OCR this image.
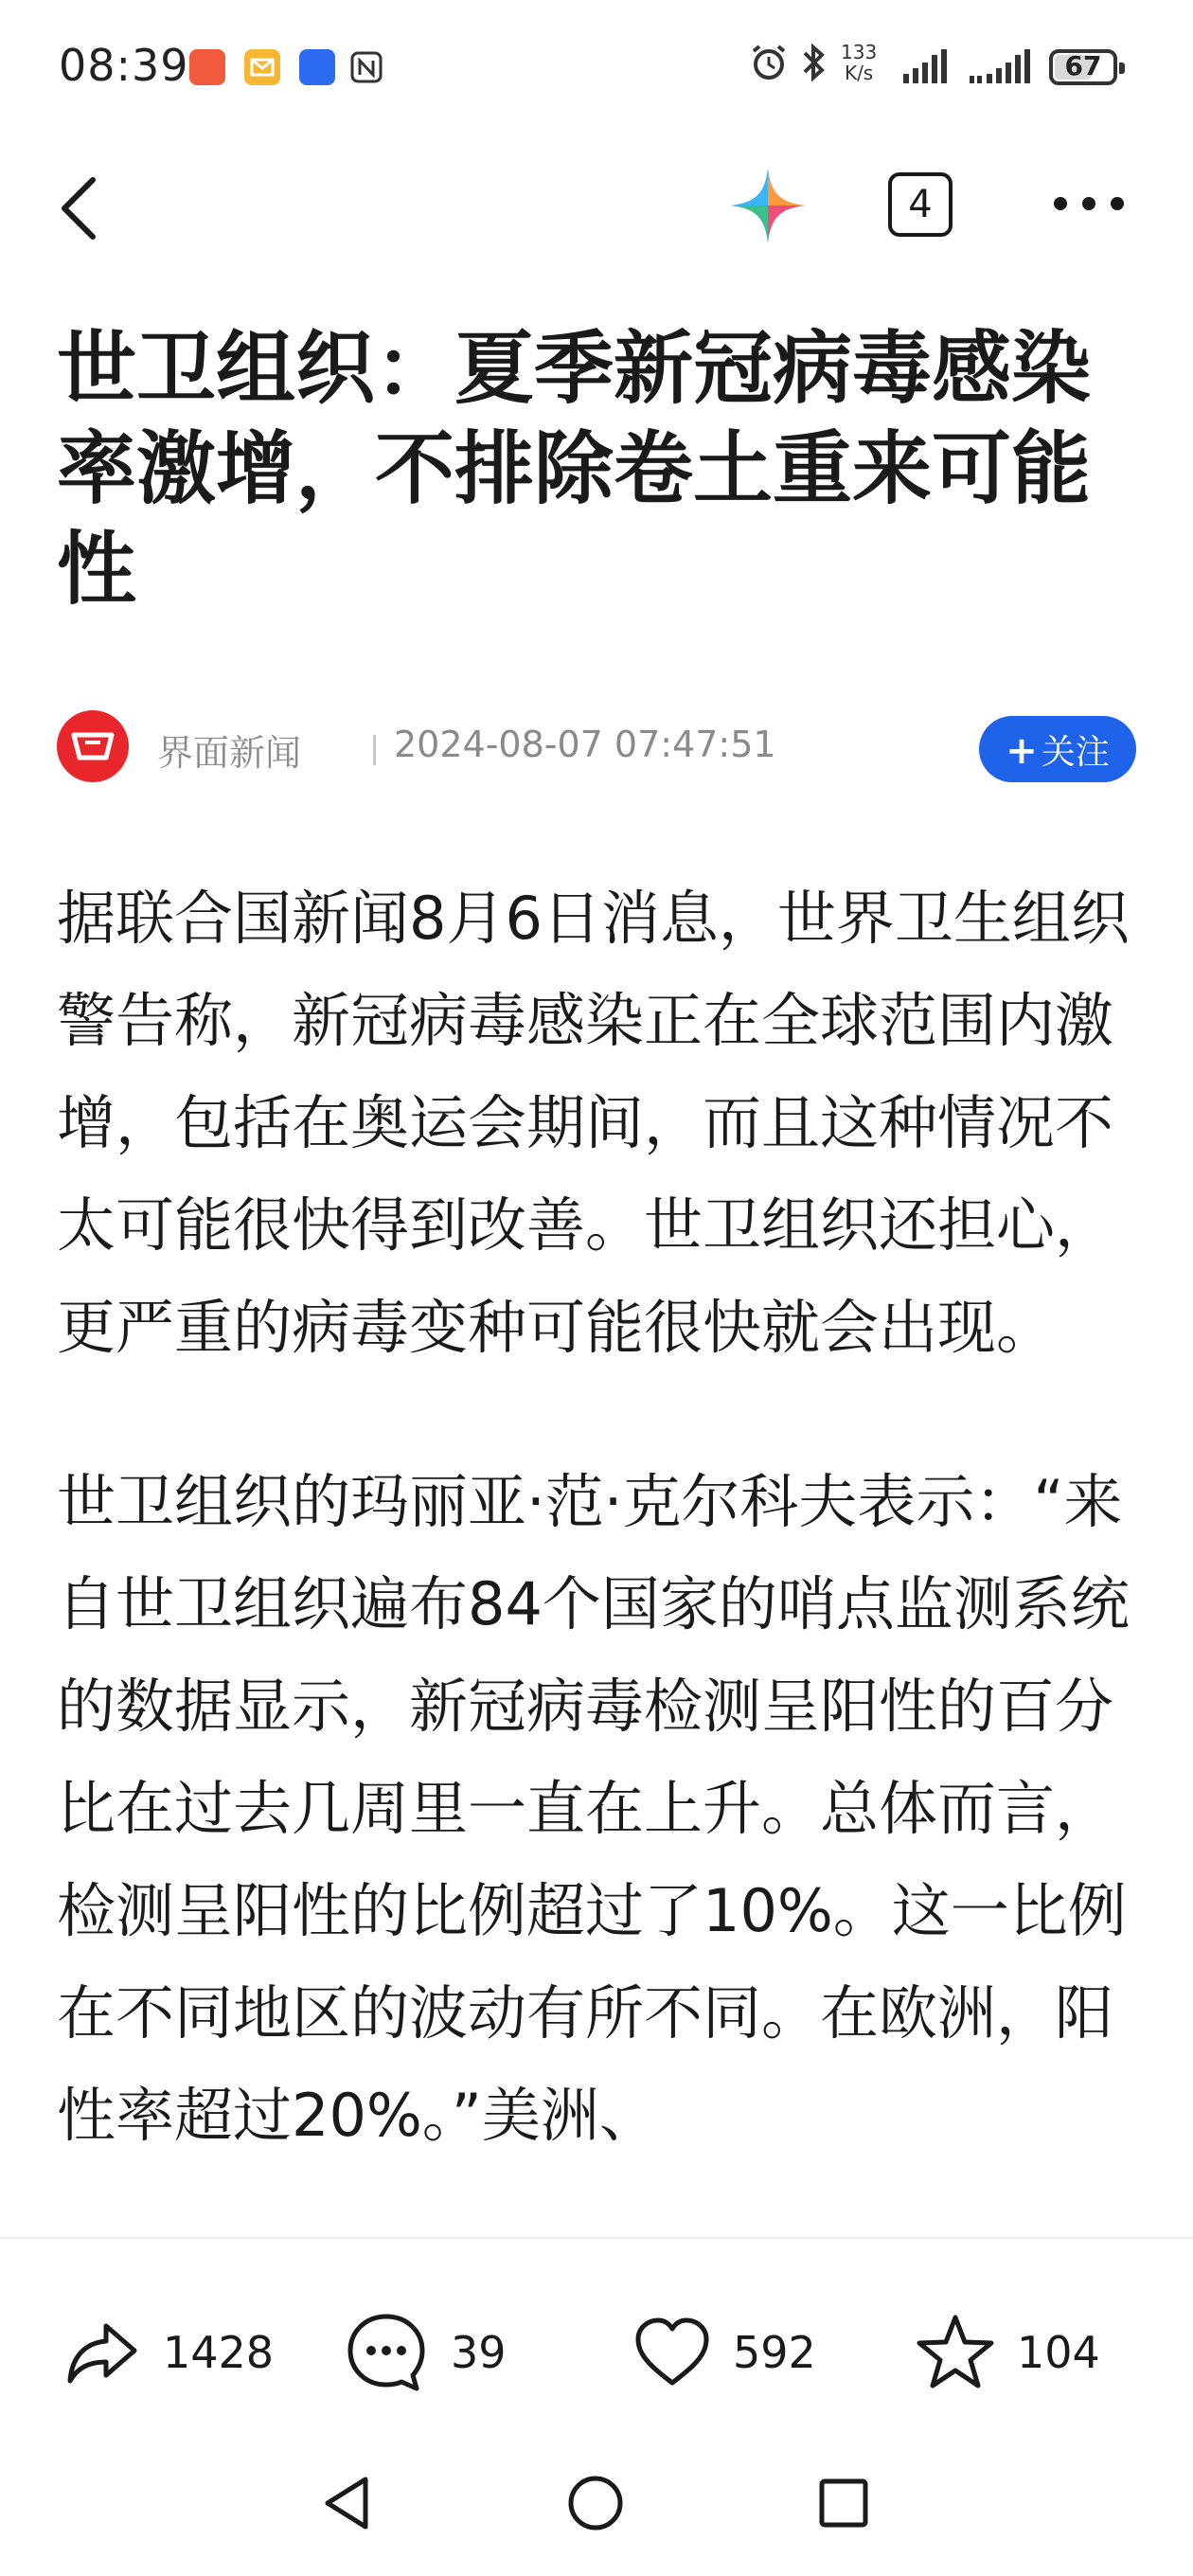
08:39	133
K/s	67
4
世卫组织：夏季新冠病毒感染率激增，不排除卷土重来可能性
界面新闻	2024-08-07 07:47:51	+ 关注

据联合国新闻8月6日消息，世界卫生组织警告称，新冠病毒感染正在全球范围内激增，包括在奥运会期间，而且这种情况不太可能很快得到改善。世卫组织还担心，更严重的病毒变种可能很快就会出现。

世卫组织的玛丽亚·范·克尔科夫表示：“来自世卫组织遍布84个国家的哨点监测系统的数据显示，新冠病毒检测呈阳性的百分比在过去几周里一直在上升。总体而言，检测呈阳性的比例超过了10%。这一比例在不同地区的波动有所不同。在欧洲，阳性率超过20%。”美洲、

1428	39	592	104
